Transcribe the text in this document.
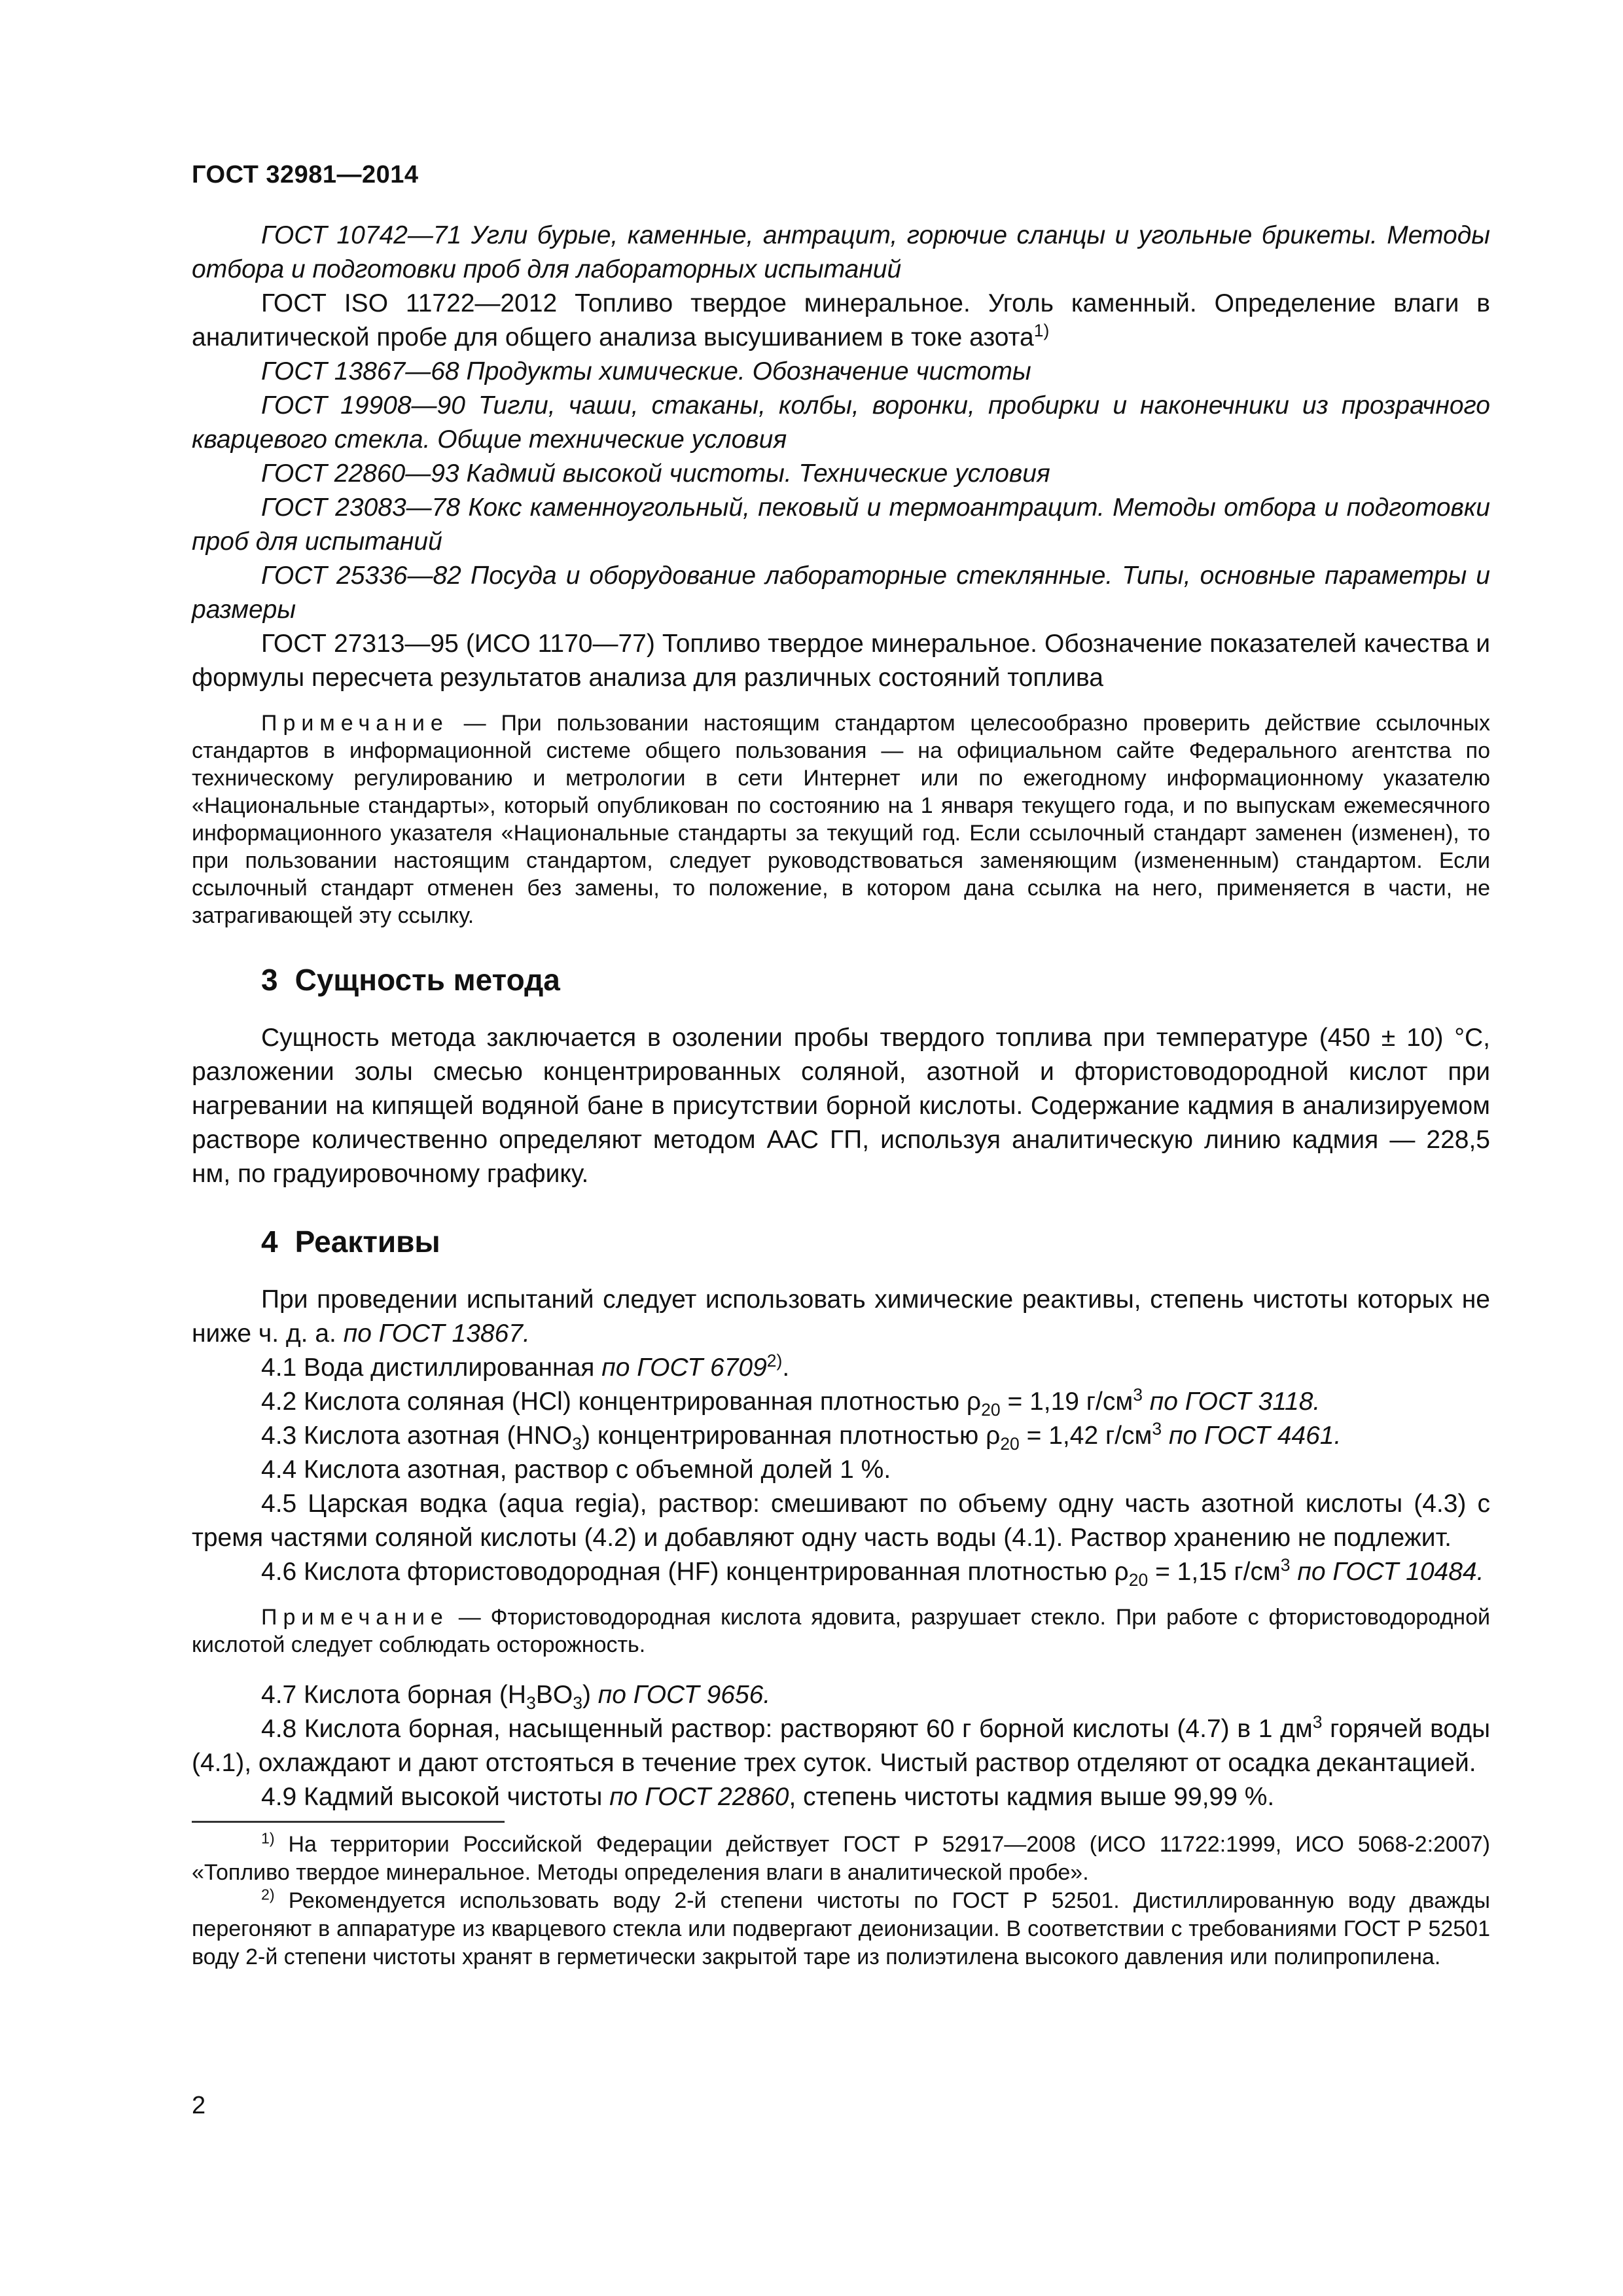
ГОСТ 32981—2014

ГОСТ 10742—71 Угли бурые, каменные, антрацит, горючие сланцы и угольные брикеты. Методы отбора и подготовки проб для лабораторных испытаний

ГОСТ ISO 11722—2012 Топливо твердое минеральное. Уголь каменный. Определение влаги в аналитической пробе для общего анализа высушиванием в токе азота$^{1)}$

ГОСТ 13867—68 Продукты химические. Обозначение чистоты

ГОСТ 19908—90 Тигли, чаши, стаканы, колбы, воронки, пробирки и наконечники из прозрачного кварцевого стекла. Общие технические условия

ГОСТ 22860—93 Кадмий высокой чистоты. Технические условия

ГОСТ 23083—78 Кокс каменноугольный, пековый и термоантрацит. Методы отбора и подготовки проб для испытаний

ГОСТ 25336—82 Посуда и оборудование лабораторные стеклянные. Типы, основные параметры и размеры

ГОСТ 27313—95 (ИСО 1170—77) Топливо твердое минеральное. Обозначение показателей качества и формулы пересчета результатов анализа для различных состояний топлива

Примечание — При пользовании настоящим стандартом целесообразно проверить действие ссылочных стандартов в информационной системе общего пользования — на официальном сайте Федерального агентства по техническому регулированию и метрологии в сети Интернет или по ежегодному информационному указателю «Национальные стандарты», который опубликован по состоянию на 1 января текущего года, и по выпускам ежемесячного информационного указателя «Национальные стандарты за текущий год. Если ссылочный стандарт заменен (изменен), то при пользовании настоящим стандартом, следует руководствоваться заменяющим (измененным) стандартом. Если ссылочный стандарт отменен без замены, то положение, в котором дана ссылка на него, применяется в части, не затрагивающей эту ссылку.
3 Сущность метода

Сущность метода заключается в озолении пробы твердого топлива при температуре (450 ± 10) °С, разложении золы смесью концентрированных соляной, азотной и фтористоводородной кислот при нагревании на кипящей водяной бане в присутствии борной кислоты. Содержание кадмия в анализируемом растворе количественно определяют методом ААС ГП, используя аналитическую линию кадмия — 228,5 нм, по градуировочному графику.

4 Реактивы

При проведении испытаний следует использовать химические реактивы, степень чистоты которых не ниже ч. д. а. по ГОСТ 13867.

4.1 Вода дистиллированная по ГОСТ 6709$^{2)}$.

4.2 Кислота соляная (HCl) концентрированная плотностью $\rho_{20} = 1,19$ $г/см^3$ по ГОСТ 3118.

4.3 Кислота азотная $(HNO_3)$ концентрированная плотностью $\rho_{20} = 1,42$ $г/см^3$ по ГОСТ 4461.

4.4 Кислота азотная, раствор с объемной долей 1 %.

4.5 Царская водка (aqua regia), раствор: смешивают по объему одну часть азотной кислоты (4.3) с тремя частями соляной кислоты (4.2) и добавляют одну часть воды (4.1). Раствор хранению не подлежит.

4.6 Кислота фтористоводородная (HF) концентрированная плотностью $\rho_{20} = 1,15$ $г/см^3$ по ГОСТ 10484.

Примечание — Фтористоводородная кислота ядовита, разрушает стекло. При работе с фтористоводородной кислотой следует соблюдать осторожность.

4.7 Кислота борная $(H_3BO_3)$ по ГОСТ 9656.

4.8 Кислота борная, насыщенный раствор: растворяют 60 г борной кислоты (4.7) в 1 $дм^3$ горячей воды (4.1), охлаждают и дают отстояться в течение трех суток. Чистый раствор отделяют от осадка декантацией.

4.9 Кадмий высокой чистоты по ГОСТ 22860, степень чистоты кадмия выше 99,99 %.

$^{1)}$ На территории Российской Федерации действует ГОСТ Р 52917—2008 (ИСО 11722:1999, ИСО 5068-2:2007) «Топливо твердое минеральное. Методы определения влаги в аналитической пробе».

$^{2)}$ Рекомендуется использовать воду 2-й степени чистоты по ГОСТ Р 52501. Дистиллированную воду дважды перегоняют в аппаратуре из кварцевого стекла или подвергают деионизации. В соответствии с требованиями ГОСТ Р 52501 воду 2-й степени чистоты хранят в герметически закрытой таре из полиэтилена высокого давления или полипропилена.

2
